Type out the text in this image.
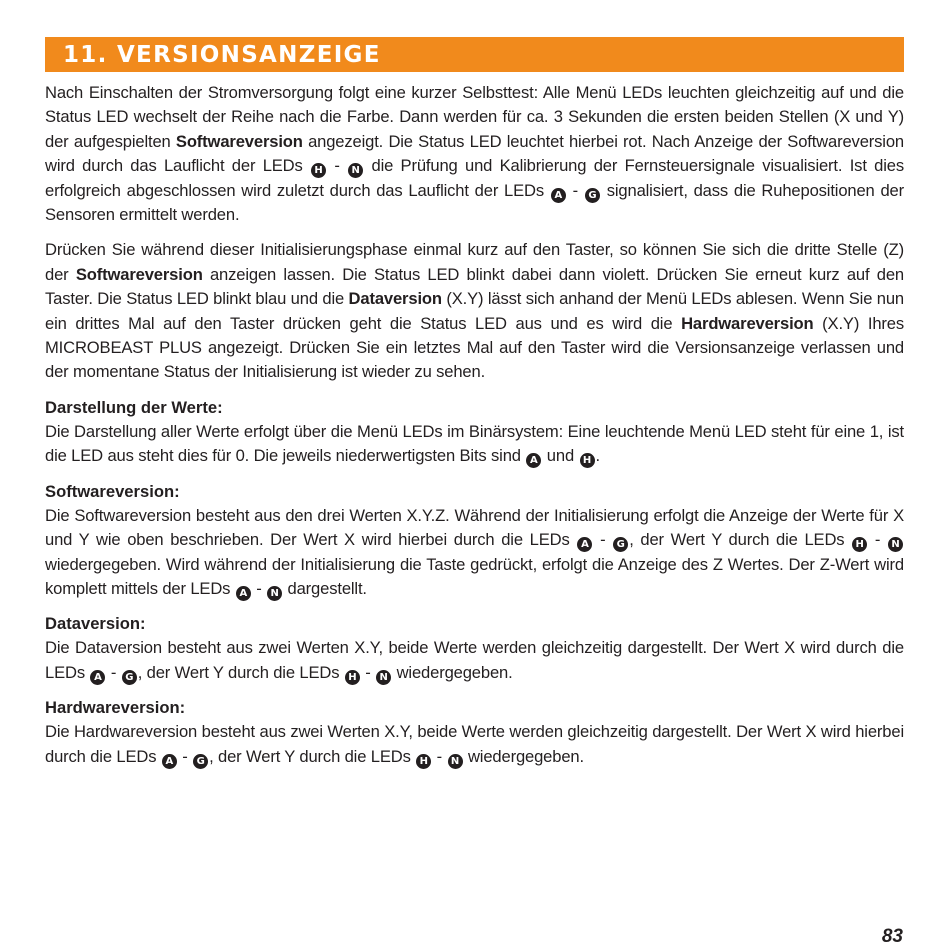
11. VERSIONSANZEIGE

Nach Einschalten der Stromversorgung folgt eine kurzer Selbsttest: Alle Menü LEDs leuchten gleichzeitig auf und die Status LED wechselt der Reihe nach die Farbe. Dann werden für ca. 3 Sekunden die ersten beiden Stellen (X und Y) der aufgespielten Softwareversion angezeigt. Die Status LED leuchtet hierbei rot. Nach Anzeige der Softwareversion wird durch das Lauflicht der LEDs H - N die Prüfung und Kalibrierung der Fernsteuersignale visualisiert. Ist dies erfolgreich abgeschlossen wird zuletzt durch das Lauflicht der LEDs A - G signalisiert, dass die Ruhepositionen der Sensoren ermittelt werden.

Drücken Sie während dieser Initialisierungsphase einmal kurz auf den Taster, so können Sie sich die dritte Stelle (Z) der Softwareversion anzeigen lassen. Die Status LED blinkt dabei dann violett. Drücken Sie erneut kurz auf den Taster. Die Status LED blinkt blau und die Dataversion (X.Y) lässt sich anhand der Menü LEDs ablesen. Wenn Sie nun ein drittes Mal auf den Taster drücken geht die Status LED aus und es wird die Hardwareversion (X.Y) Ihres MICROBEAST PLUS angezeigt. Drücken Sie ein letztes Mal auf den Taster wird die Versionsanzeige verlassen und der momentane Status der Initialisierung ist wieder zu sehen.

Darstellung der Werte:

Die Darstellung aller Werte erfolgt über die Menü LEDs im Binärsystem: Eine leuchtende Menü LED steht für eine 1, ist die LED aus steht dies für 0. Die jeweils niederwertigsten Bits sind A und H .

Softwareversion:

Die Softwareversion besteht aus den drei Werten X.Y.Z. Während der Initialisierung erfolgt die Anzeige der Werte für X und Y wie oben beschrieben. Der Wert X wird hierbei durch die LEDs A - G , der Wert Y durch die LEDs H - N wiedergegeben. Wird während der Initialisierung die Taste gedrückt, erfolgt die Anzeige des Z Wertes. Der Z-Wert wird komplett mittels der LEDs A - N dargestellt.

Dataversion:

Die Dataversion besteht aus zwei Werten X.Y, beide Werte werden gleichzeitig dargestellt. Der Wert X wird durch die LEDs A - G , der Wert Y durch die LEDs H - N wiedergegeben.

Hardwareversion:

Die Hardwareversion besteht aus zwei Werten X.Y, beide Werte werden gleichzeitig dargestellt. Der Wert X wird hierbei durch die LEDs A - G , der Wert Y durch die LEDs H - N wiedergegeben.

83
